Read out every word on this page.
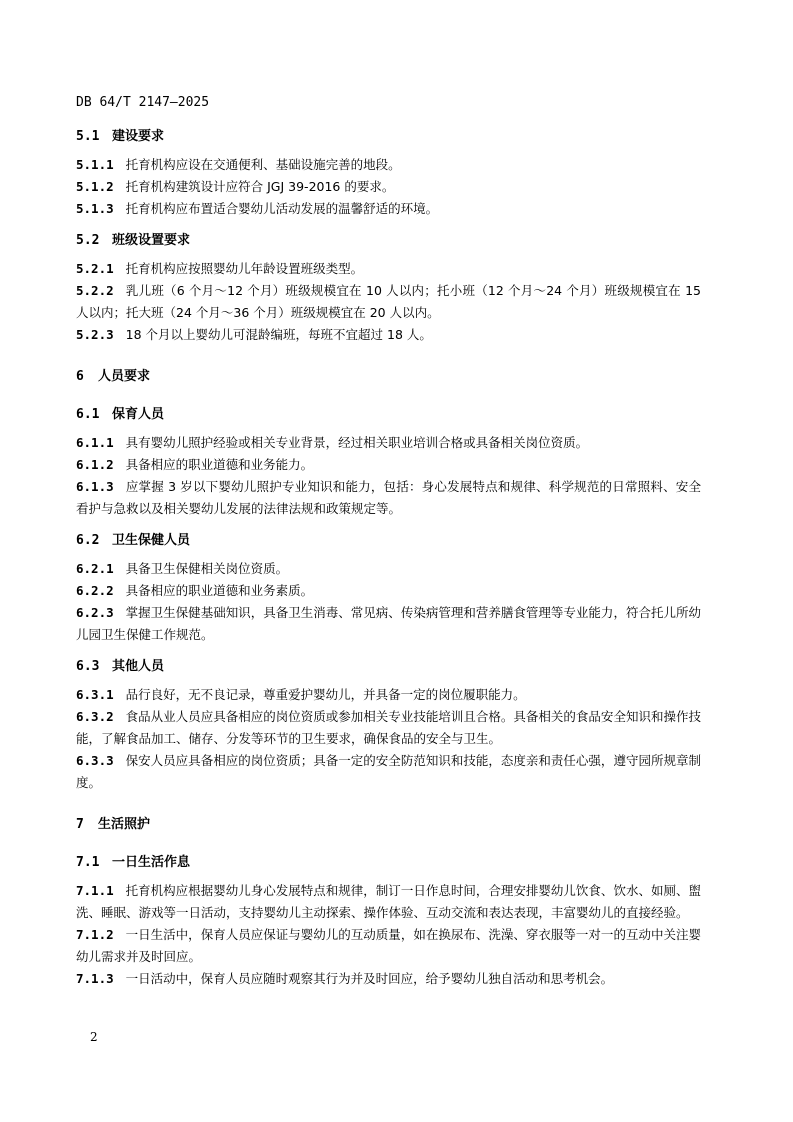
DB 64/T 2147—2025
5.1 建设要求
5.1.1 托育机构应设在交通便利、基础设施完善的地段。
5.1.2 托育机构建筑设计应符合 JGJ 39-2016 的要求。
5.1.3 托育机构应布置适合婴幼儿活动发展的温馨舒适的环境。
5.2 班级设置要求
5.2.1 托育机构应按照婴幼儿年龄设置班级类型。
5.2.2 乳儿班（6 个月～12 个月）班级规模宜在 10 人以内；托小班（12 个月～24 个月）班级规模宜在 15 人以内；托大班（24 个月～36 个月）班级规模宜在 20 人以内。
5.2.3 18 个月以上婴幼儿可混龄编班，每班不宜超过 18 人。
6 人员要求
6.1 保育人员
6.1.1 具有婴幼儿照护经验或相关专业背景，经过相关职业培训合格或具备相关岗位资质。
6.1.2 具备相应的职业道德和业务能力。
6.1.3 应掌握 3 岁以下婴幼儿照护专业知识和能力，包括：身心发展特点和规律、科学规范的日常照料、安全看护与急救以及相关婴幼儿发展的法律法规和政策规定等。
6.2 卫生保健人员
6.2.1 具备卫生保健相关岗位资质。
6.2.2 具备相应的职业道德和业务素质。
6.2.3 掌握卫生保健基础知识，具备卫生消毒、常见病、传染病管理和营养膳食管理等专业能力，符合托儿所幼儿园卫生保健工作规范。
6.3 其他人员
6.3.1 品行良好，无不良记录，尊重爱护婴幼儿，并具备一定的岗位履职能力。
6.3.2 食品从业人员应具备相应的岗位资质或参加相关专业技能培训且合格。具备相关的食品安全知识和操作技能，了解食品加工、储存、分发等环节的卫生要求，确保食品的安全与卫生。
6.3.3 保安人员应具备相应的岗位资质；具备一定的安全防范知识和技能，态度亲和责任心强，遵守园所规章制度。
7 生活照护
7.1 一日生活作息
7.1.1 托育机构应根据婴幼儿身心发展特点和规律，制订一日作息时间，合理安排婴幼儿饮食、饮水、如厕、盥洗、睡眠、游戏等一日活动，支持婴幼儿主动探索、操作体验、互动交流和表达表现，丰富婴幼儿的直接经验。
7.1.2 一日生活中，保育人员应保证与婴幼儿的互动质量，如在换尿布、洗澡、穿衣服等一对一的互动中关注婴幼儿需求并及时回应。
7.1.3 一日活动中，保育人员应随时观察其行为并及时回应，给予婴幼儿独自活动和思考机会。
2
